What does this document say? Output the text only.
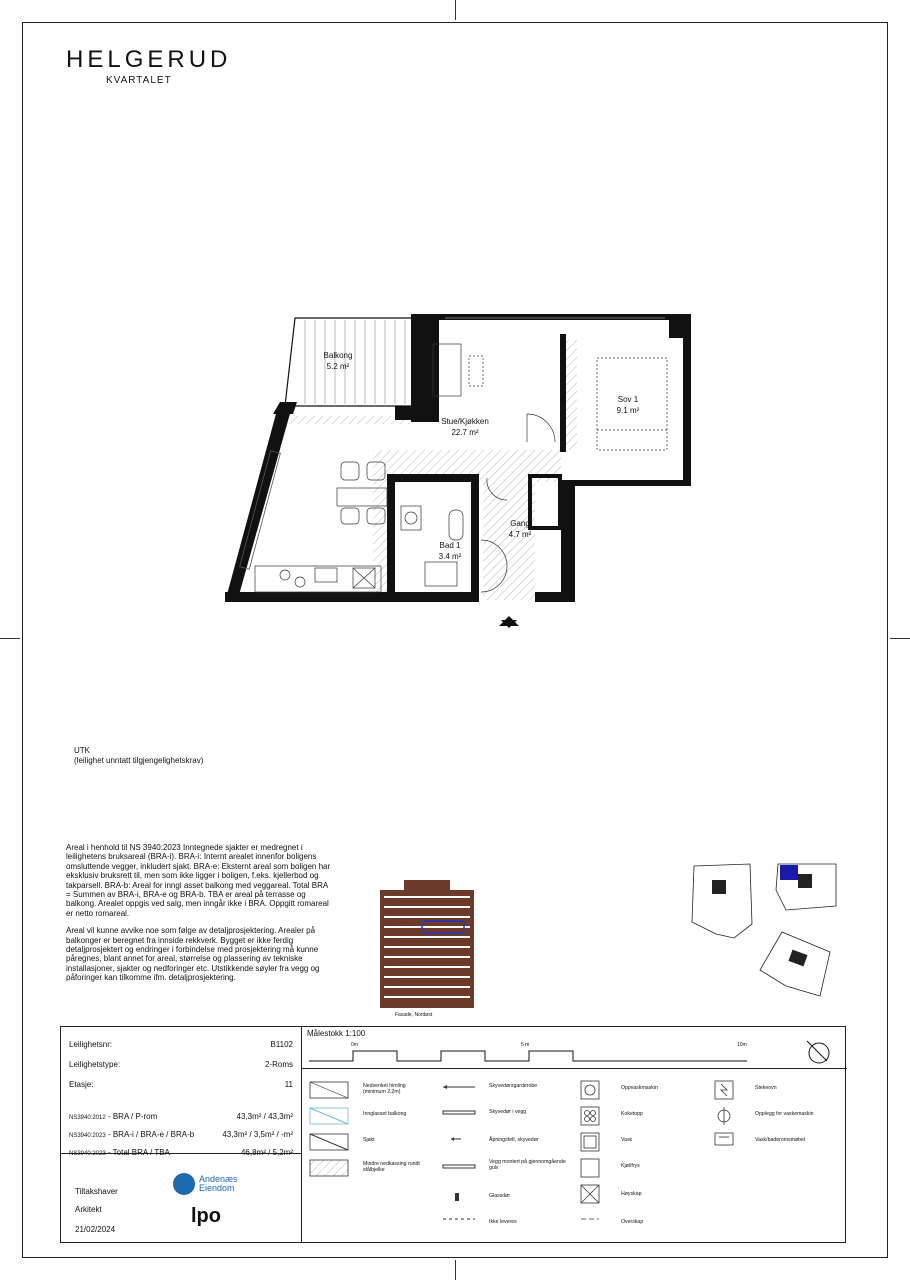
HELGERUD
KVARTALET
Balkong
5.2 m²
Stue/Kjøkken
22.7 m²
Sov 1
9.1 m²
Gang
4.7 m²
Bad 1
3.4 m²
UTK
(leilighet unntatt tilgjengelighetskrav)

Areal i henhold til NS 3940:2023 Inntegnede sjakter er medregnet i leilighetens bruksareal (BRA-i). BRA-i: Internt arealet innenfor boligens omsluttende vegger, inkludert sjakt. BRA-e: Eksternt areal som boligen har eksklusiv bruksrett til, men som ikke ligger i boligen, f.eks. kjellerbod og takparsell. BRA-b: Areal for inngl asset balkong med veggareal. Total BRA = Summen av BRA-i, BRA-e og BRA-b. TBA er areal på terrasse og balkong. Arealet oppgis ved salg, men inngår ikke i BRA. Oppgitt romareal er netto romareal.

Areal vil kunne avvike noe som følge av detaljprosjektering. Arealer på balkonger er beregnet fra innside rekkverk. Bygget er ikke ferdig detaljprosjektert og endringer i forbindelse med prosjektering må kunne påregnes, blant annet for areal, størrelse og plassering av tekniske installasjoner, sjakter og nedforinger etc. Utstikkende søyler fra vegg og påforinger kan tilkomme ifm. detaljprosjektering.

Fasade, Nordøst
Leilighetsnr:	B1102
Leilighetstype:	2-Roms
Etasje:	11
NS3940:2012 - BRA / P-rom	43,3m² / 43,3m²
NS3940:2023 - BRA-i / BRA-e / BRA-b	43,3m² / 3,5m² / -m²
NS3940:2023 - Total BRA / TBA	46,8m² / 5,2m²
Tiltakshaver
Arkitekt
21/02/2024
Andenæs
Eiendom
lpo
Målestokk 1:100
0m	5 m	10m
Nedsenket himling (minimum 2,2m)
Innglasset balkong
Sjakt
Mindre nedkassing rundt stålbjelke
Skyvedørsgarderobe
Skyvedør i vegg
Åpningsfelt, skyvedør
Vegg montert på gjennomgående gulv
Glassdør
Ikke leveres
Oppvaskmaskin
Koketopp
Vask
Kjøl/frys
Høyskap
Overskap
Stekeovn
Opplegg for vaskemaskin
Vask/baderomsmøbel
